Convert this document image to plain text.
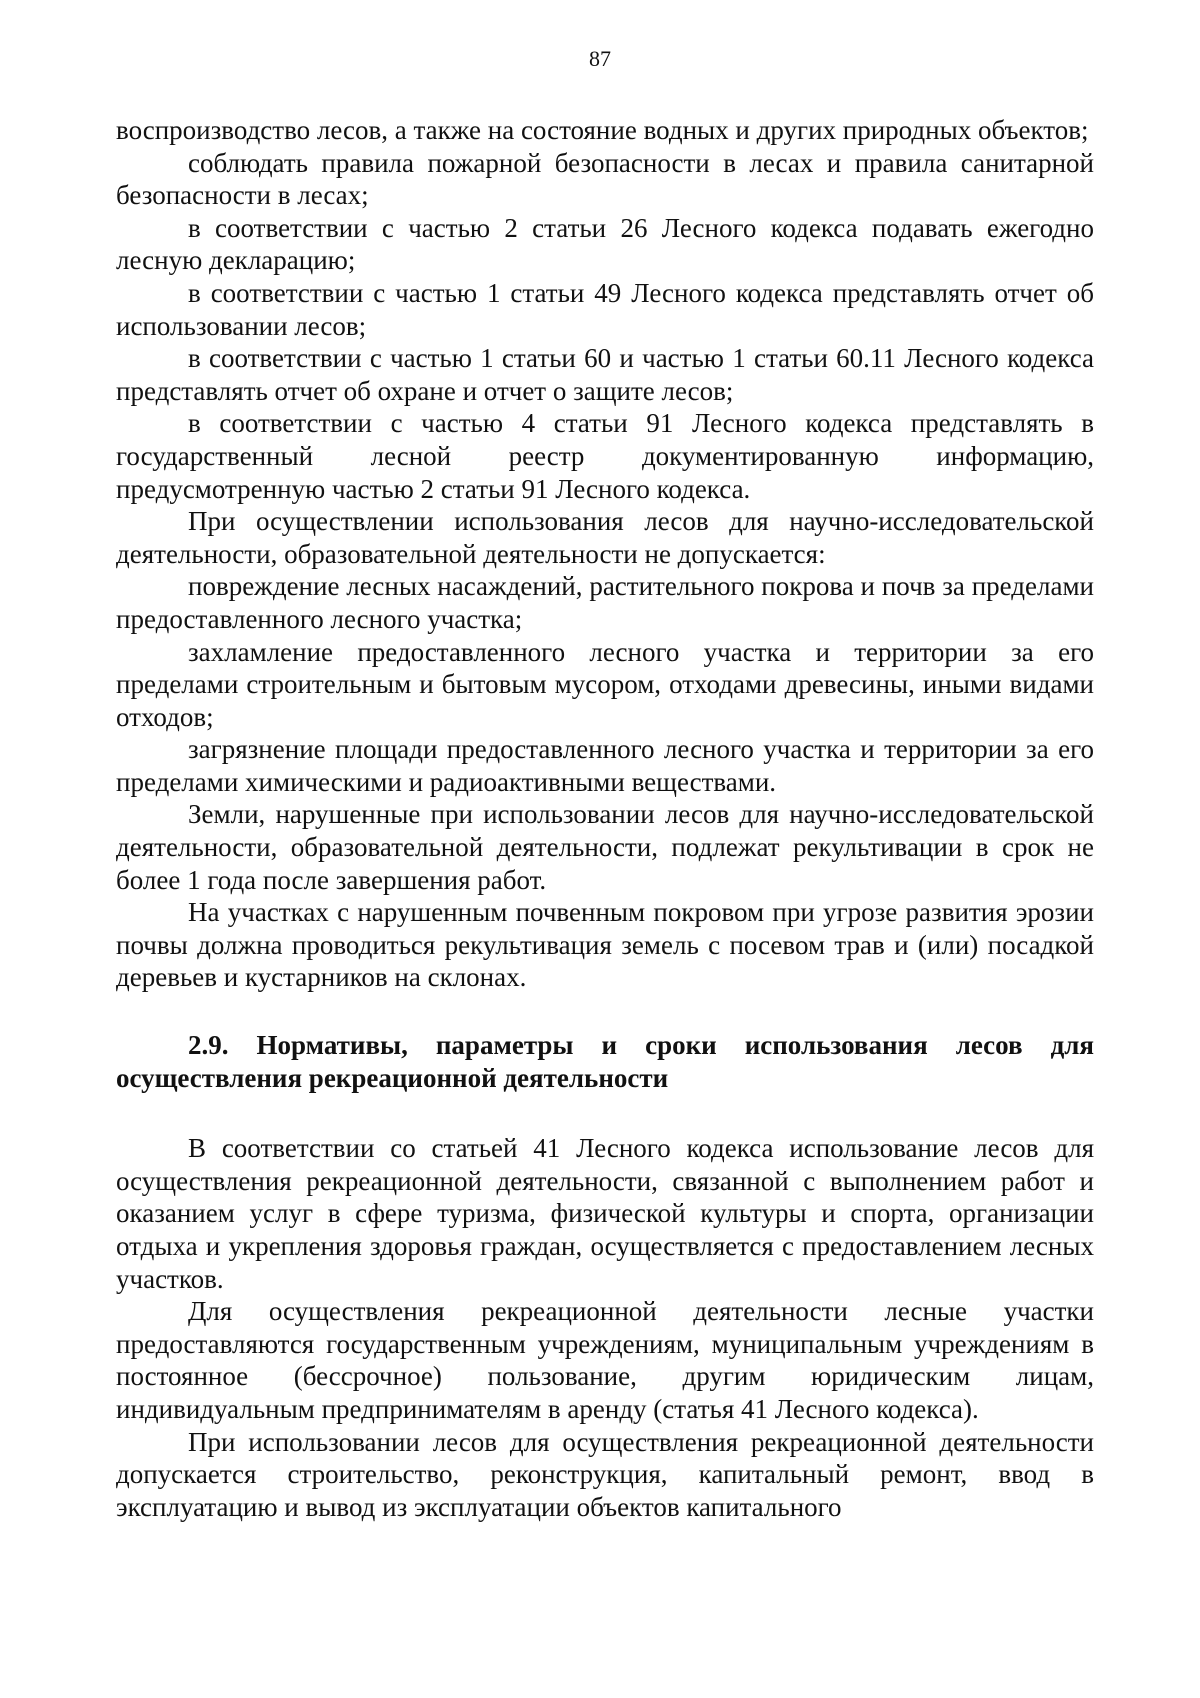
87

воспроизводство лесов, а также на состояние водных и других природных объектов;

соблюдать правила пожарной безопасности в лесах и правила санитарной безопасности в лесах;

в соответствии с частью 2 статьи 26 Лесного кодекса подавать ежегодно лесную декларацию;

в соответствии с частью 1 статьи 49 Лесного кодекса представлять отчет об использовании лесов;

в соответствии с частью 1 статьи 60 и частью 1 статьи 60.11 Лесного кодекса представлять отчет об охране и отчет о защите лесов;

в соответствии с частью 4 статьи 91 Лесного кодекса представлять в государственный лесной реестр документированную информацию, предусмотренную частью 2 статьи 91 Лесного кодекса.

При осуществлении использования лесов для научно-исследовательской деятельности, образовательной деятельности не допускается:

повреждение лесных насаждений, растительного покрова и почв за пределами предоставленного лесного участка;

захламление предоставленного лесного участка и территории за его пределами строительным и бытовым мусором, отходами древесины, иными видами отходов;

загрязнение площади предоставленного лесного участка и территории за его пределами химическими и радиоактивными веществами.

Земли, нарушенные при использовании лесов для научно-исследовательской деятельности, образовательной деятельности, подлежат рекультивации в срок не более 1 года после завершения работ.

На участках с нарушенным почвенным покровом при угрозе развития эрозии почвы должна проводиться рекультивация земель с посевом трав и (или) посадкой деревьев и кустарников на склонах.

2.9. Нормативы, параметры и сроки использования лесов для осуществления рекреационной деятельности

В соответствии со статьей 41 Лесного кодекса использование лесов для осуществления рекреационной деятельности, связанной с выполнением работ и оказанием услуг в сфере туризма, физической культуры и спорта, организации отдыха и укрепления здоровья граждан, осуществляется с предоставлением лесных участков.

Для осуществления рекреационной деятельности лесные участки предоставляются государственным учреждениям, муниципальным учреждениям в постоянное (бессрочное) пользование, другим юридическим лицам, индивидуальным предпринимателям в аренду (статья 41 Лесного кодекса).

При использовании лесов для осуществления рекреационной деятельности допускается строительство, реконструкция, капитальный ремонт, ввод в эксплуатацию и вывод из эксплуатации объектов капитального
